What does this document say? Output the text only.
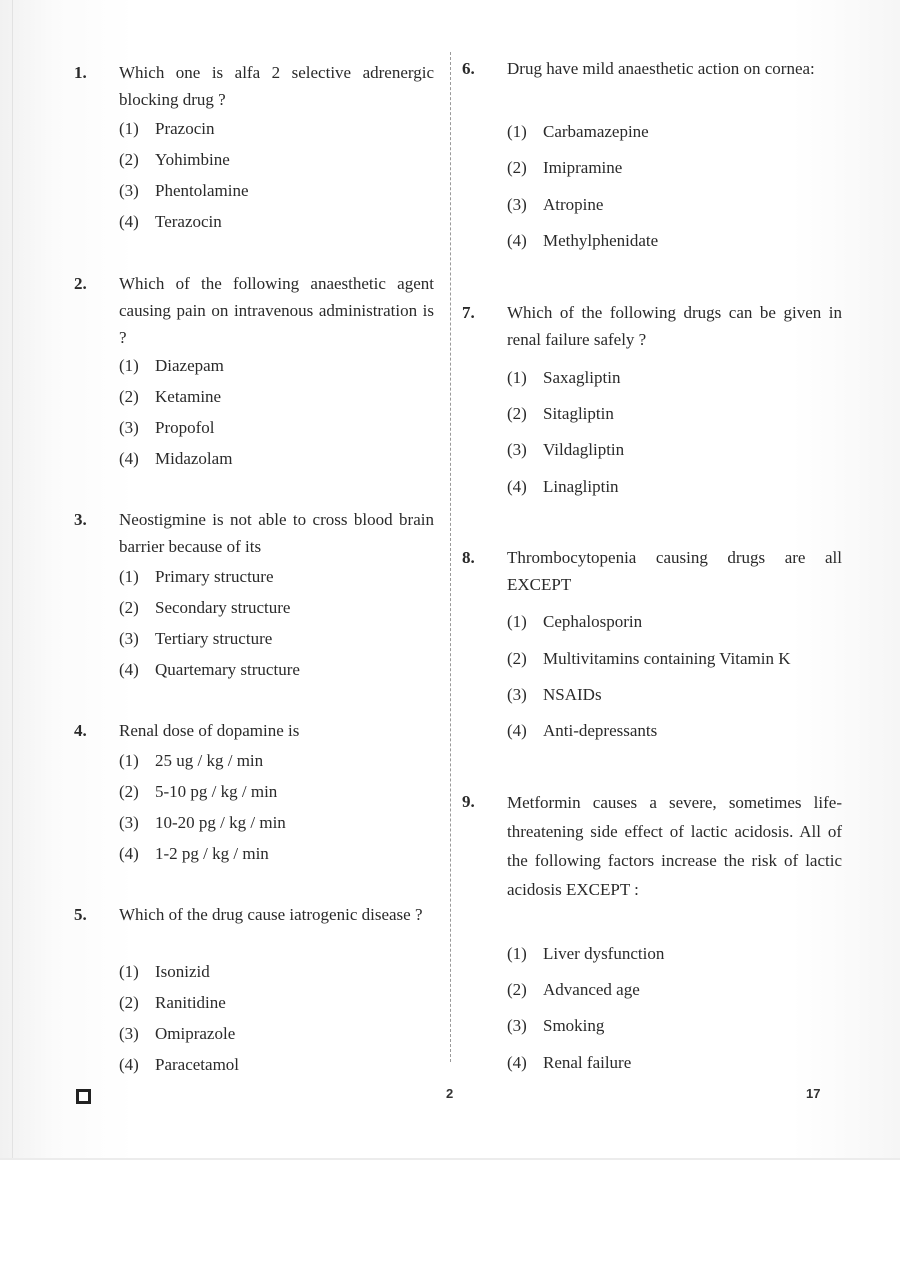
1. Which one is alfa 2 selective adrenergic blocking drug ?
(1) Prazocin
(2) Yohimbine
(3) Phentolamine
(4) Terazocin
2. Which of the following anaesthetic agent causing pain on intravenous administration is ?
(1) Diazepam
(2) Ketamine
(3) Propofol
(4) Midazolam
3. Neostigmine is not able to cross blood brain barrier because of its
(1) Primary structure
(2) Secondary structure
(3) Tertiary structure
(4) Quartemary structure
4. Renal dose of dopamine is
(1) 25 ug / kg / min
(2) 5-10 pg / kg / min
(3) 10-20 pg / kg / min
(4) 1-2 pg / kg / min
5. Which of the drug cause iatrogenic disease ?
(1) Isonizid
(2) Ranitidine
(3) Omiprazole
(4) Paracetamol
6. Drug have mild anaesthetic action on cornea:
(1) Carbamazepine
(2) Imipramine
(3) Atropine
(4) Methylphenidate
7. Which of the following drugs can be given in renal failure safely ?
(1) Saxagliptin
(2) Sitagliptin
(3) Vildagliptin
(4) Linagliptin
8. Thrombocytopenia causing drugs are all EXCEPT
(1) Cephalosporin
(2) Multivitamins containing Vitamin K
(3) NSAIDs
(4) Anti-depressants
9. Metformin causes a severe, sometimes life-threatening side effect of lactic acidosis. All of the following factors increase the risk of lactic acidosis EXCEPT :
(1) Liver dysfunction
(2) Advanced age
(3) Smoking
(4) Renal failure
2	17
